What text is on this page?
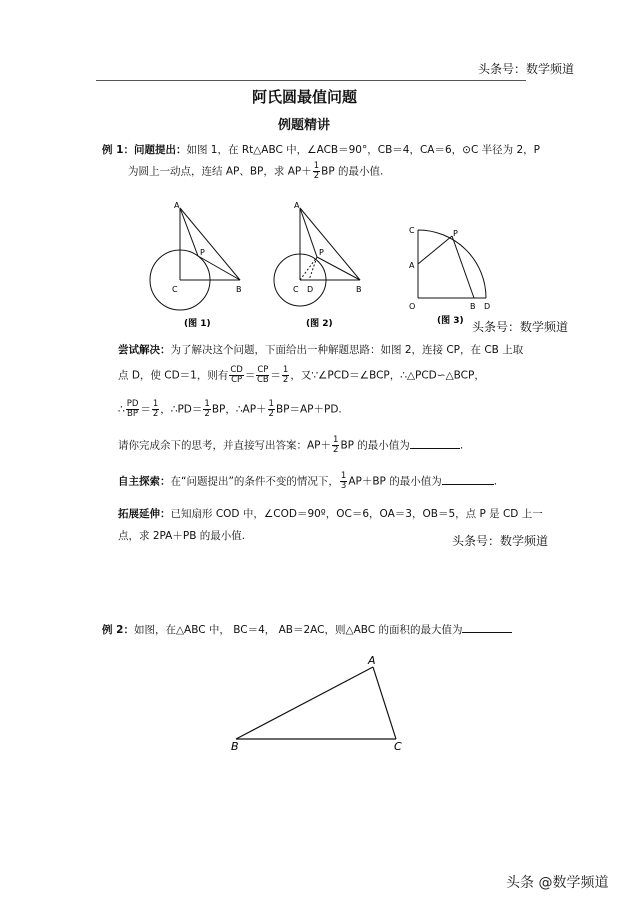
头条号：数学频道
阿氏圆最值问题
例题精讲
例 1：问题提出：如图 1，在 Rt△ABC 中，∠ACB＝90°，CB＝4，CA＝6，⊙C 半径为 2，P
为圆上一动点，连结 AP、BP，求 $AP+ \frac{1}{2}$ BP 的最小值.
A
P
C	B
(图 1)
A
P
C D	B
(图 2)
C	P
A
O	B D
(图 3) 头条号：数学频道
尝试解决：为了解决这个问题，下面给出一种解题思路：如图 2，连接 CP，在 CB 上取
点 D，使 CD＝1，则有 $\frac{CD}{CP} = \frac{CP}{CB} = \frac{1}{2}$ ，又∵∠PCD＝∠BCP，∴△PCD∽△BCP，
∴ $\frac{PD}{BP} = \frac{1}{2}$ ，∴PD＝ $\frac{1}{2}$ BP，∴AP＋ $\frac{1}{2} BP=AP+PD$.
请你完成余下的思考，并直接写出答案：$AP+ \frac{1}{2}$ BP 的最小值为	.
自主探索：在“问题提出”的条件不变的情况下， $\frac{1}{3} AP+BP$ 的最小值为	.
拓展延伸：已知扇形 COD 中，∠COD＝90º，OC＝6，OA＝3，OB＝5，点 P 是 CD 上一
点，求 2PA＋PB 的最小值.	头条号：数学频道
例 2：如图，在△ABC 中， BC＝4， AB＝2AC，则△ABC 的面积的最大值为
A
B	C
头条 @数学频道
